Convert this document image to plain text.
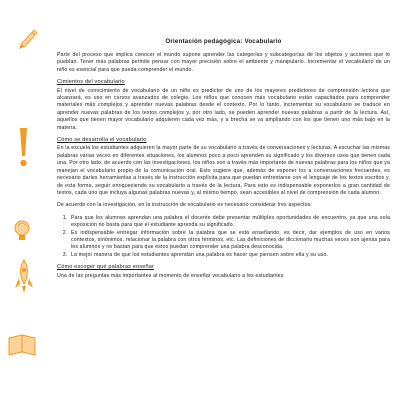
Orientación pedagógica: Vocabulario

Parte del proceso que implica conocer el mundo supone aprender las categorías y subcategorías de los objetos y acciones que lo pueblan. Tener más palabras permite pensar con mayor precisión sobre el ambiente y manipularlo. Incrementar el vocabulario de un niño es esencial para que pueda comprender el mundo.

Cimientos del vocabulario

El nivel de conocimiento de vocabulario de un niño es predictor de uno de los mayores predictores de comprensión lectora que alcanzará, es uso en cursos avanzados de colegio. Los niños que conocen más vocabulario están capacitados para comprender materiales más complejos y aprender nuevas palabras desde el contexto. Por lo tanto, incrementar su vocabulario se traduce en aprender nuevas palabras de los textos complejos y, por otro lado, se pueden aprender nuevas palabras a partir de la lectura. Así, aquellos que tienen mayor vocabulario adquieren cada vez más, y a brecha se va ampliando con los que tienen uno más bajo en la materia.

Cómo se desarrolla el vocabulario

En la escuela los estudiantes adquieren la mayor parte de su vocabulario a través de conversaciones y lecturas. A escuchar las mismas palabras varias veces en diferentes situaciones, los alumnos poco a poco aprenden su significado y los diversos usos que tienen cada una. Por otro lado, de acuerdo con las investigaciones, los niños son a través más importante de nuevas palabras para los niños que ya manejan el vocabulario propio de la comunicación oral. Esto sugiere que, además de exponer los a conversaciones frecuentes, es necesario darles herramientas a través de la instrucción explícita para que puedan enfrentarse con el lenguaje de los textos escritos y, de esta forma, seguir enriqueciendo su vocabulario a través de la lectura. Para esto es indispensable exponerlos a gran cantidad de textos, cada uno que incluya algunas palabras nuevas y, al mismo tiempo, sean accesibles al nivel de comprensión de cada alumno.

De acuerdo con la investigación, en la instrucción de vocabulario es necesario considerar tres aspectos:

1. Para que los alumnos aprendan una palabra el docente debe presentar múltiples oportunidades de encuentro, ya que una sola exposición no basta para que el estudiante aprenda su significado.
2. Es indispensable entregar información sobre la palabra que se está enseñando, es decir, dar ejemplos de uso en varios contextos, sinónimos, relacionar la palabra con otros términos, etc. Las definiciones de diccionario muchas veces son ajenas para los alumnos y no bastan para que estos puedan comprender una palabra desconocida.
3. La mejor manera de que los estudiantes aprendan una palabra es hacer que piensen sobre ella y su uso.
Cómo escoger qué palabras enseñar

Una de las preguntas más importantes al momento de enseñar vocabulario a los estudiantes
